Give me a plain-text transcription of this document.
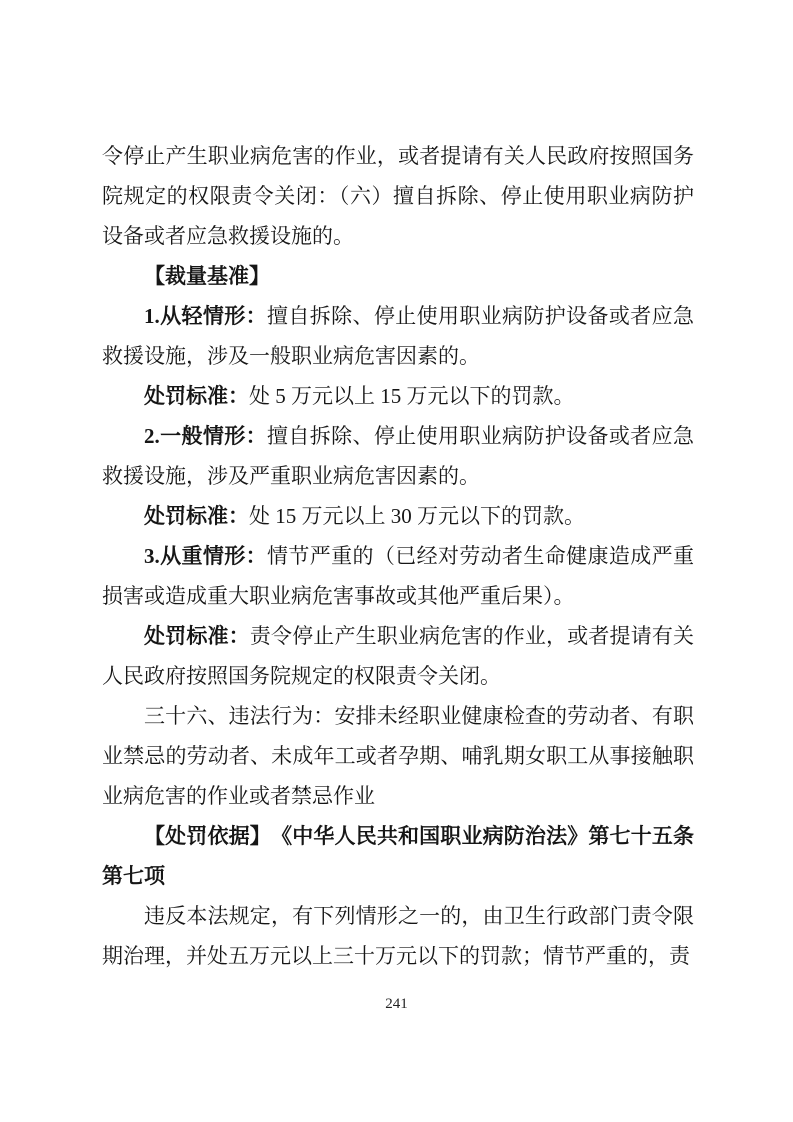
令停止产生职业病危害的作业，或者提请有关人民政府按照国务院规定的权限责令关闭：（六）擅自拆除、停止使用职业病防护设备或者应急救援设施的。

【裁量基准】

1.从轻情形：擅自拆除、停止使用职业病防护设备或者应急救援设施，涉及一般职业病危害因素的。

处罚标准：处 5 万元以上 15 万元以下的罚款。

2.一般情形：擅自拆除、停止使用职业病防护设备或者应急救援设施，涉及严重职业病危害因素的。

处罚标准：处 15 万元以上 30 万元以下的罚款。

3.从重情形：情节严重的（已经对劳动者生命健康造成严重损害或造成重大职业病危害事故或其他严重后果）。

处罚标准：责令停止产生职业病危害的作业，或者提请有关人民政府按照国务院规定的权限责令关闭。

三十六、违法行为：安排未经职业健康检查的劳动者、有职业禁忌的劳动者、未成年工或者孕期、哺乳期女职工从事接触职业病危害的作业或者禁忌作业

【处罚依据】　《中华人民共和国职业病防治法》第七十五条第七项

违反本法规定，有下列情形之一的，由卫生行政部门责令限期治理，并处五万元以上三十万元以下的罚款；情节严重的，责

241
